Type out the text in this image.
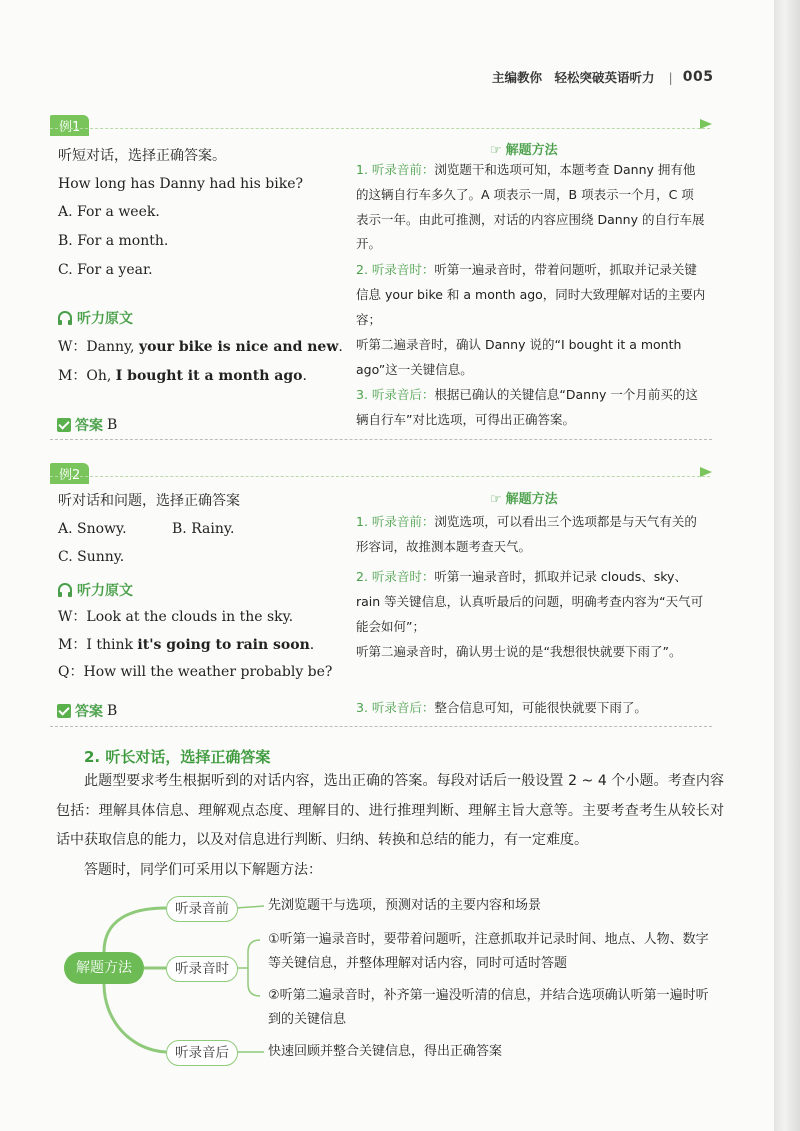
主编教你　轻松突破英语听力 | 005
例1
听短对话，选择正确答案。
How long has Danny had his bike?
A. For a week.
B. For a month.
C. For a year.
听力原文
W：Danny, your bike is nice and new.
M：Oh, I bought it a month ago.
答案 B
☞ 解题方法
1. 听录音前：浏览题干和选项可知，本题考查 Danny 拥有他的这辆自行车多久了。A 项表示一周，B 项表示一个月，C 项表示一年。由此可推测，对话的内容应围绕 Danny 的自行车展开。
2. 听录音时：听第一遍录音时，带着问题听，抓取并记录关键信息 your bike 和 a month ago，同时大致理解对话的主要内容；
听第二遍录音时，确认 Danny 说的“I bought it a month ago”这一关键信息。
3. 听录音后：根据已确认的关键信息“Danny 一个月前买的这辆自行车”对比选项，可得出正确答案。
例2
听对话和问题，选择正确答案
A. Snowy.	B. Rainy.
C. Sunny.
听力原文
W：Look at the clouds in the sky.
M：I think it's going to rain soon.
Q：How will the weather probably be?
答案 B
☞ 解题方法
1. 听录音前：浏览选项，可以看出三个选项都是与天气有关的形容词，故推测本题考查天气。
2. 听录音时：听第一遍录音时，抓取并记录 clouds、sky、rain 等关键信息，认真听最后的问题，明确考查内容为“天气可能会如何”；
听第二遍录音时，确认男士说的是“我想很快就要下雨了”。
3. 听录音后：整合信息可知，可能很快就要下雨了。
2. 听长对话，选择正确答案
此题型要求考生根据听到的对话内容，选出正确的答案。每段对话后一般设置 2 ~ 4 个小题。考查内容包括：理解具体信息、理解观点态度、理解目的、进行推理判断、理解主旨大意等。主要考查考生从较长对话中获取信息的能力，以及对信息进行判断、归纳、转换和总结的能力，有一定难度。
答题时，同学们可采用以下解题方法：
解题方法
听录音前
听录音时
听录音后
先浏览题干与选项，预测对话的主要内容和场景
①听第一遍录音时，要带着问题听，注意抓取并记录时间、地点、人物、数字等关键信息，并整体理解对话内容，同时可适时答题
②听第二遍录音时，补齐第一遍没听清的信息，并结合选项确认听第一遍时听到的关键信息
快速回顾并整合关键信息，得出正确答案
